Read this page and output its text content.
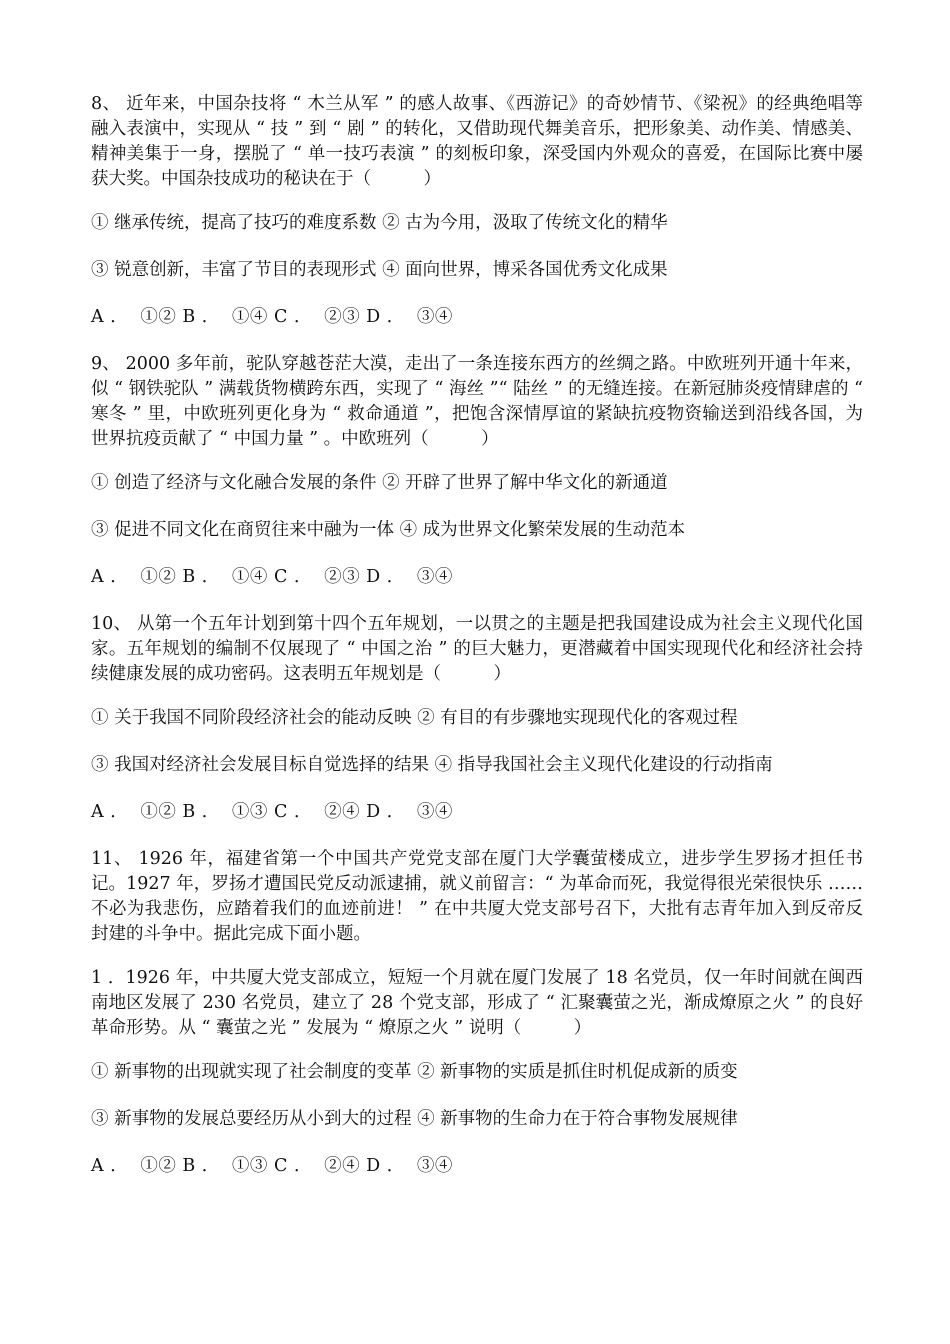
8、 近年来，中国杂技将 “ 木兰从军 ” 的感人故事、《西游记》的奇妙情节、《梁祝》的经典绝唱等融入表演中，实现从 “ 技 ” 到 “ 剧 ” 的转化，又借助现代舞美音乐，把形象美、动作美、情感美、精神美集于一身，摆脱了 “ 单一技巧表演 ” 的刻板印象，深受国内外观众的喜爱，在国际比赛中屡获大奖。中国杂技成功的秘诀在于（　　　）

① 继承传统，提高了技巧的难度系数 ② 古为今用，汲取了传统文化的精华

③ 锐意创新，丰富了节目的表现形式 ④ 面向世界，博采各国优秀文化成果

A ．  ①② B ．  ①④ C ．  ②③ D ．  ③④

9、 2000 多年前，驼队穿越苍茫大漠，走出了一条连接东西方的丝绸之路。中欧班列开通十年来，似 “ 钢铁驼队 ” 满载货物横跨东西，实现了 “ 海丝 ”“ 陆丝 ” 的无缝连接。在新冠肺炎疫情肆虐的 “ 寒冬 ” 里，中欧班列更化身为 “ 救命通道 ”，把饱含深情厚谊的紧缺抗疫物资输送到沿线各国，为世界抗疫贡献了 “ 中国力量 ” 。中欧班列（　　　）

① 创造了经济与文化融合发展的条件 ② 开辟了世界了解中华文化的新通道

③ 促进不同文化在商贸往来中融为一体 ④ 成为世界文化繁荣发展的生动范本

A ．  ①② B ．  ①④ C ．  ②③ D ．  ③④

10、 从第一个五年计划到第十四个五年规划，一以贯之的主题是把我国建设成为社会主义现代化国家。五年规划的编制不仅展现了 “ 中国之治 ” 的巨大魅力，更潜藏着中国实现现代化和经济社会持续健康发展的成功密码。这表明五年规划是（　　　）

① 关于我国不同阶段经济社会的能动反映 ② 有目的有步骤地实现现代化的客观过程

③ 我国对经济社会发展目标自觉选择的结果 ④ 指导我国社会主义现代化建设的行动指南

A ．  ①② B ．  ①③ C ．  ②④ D ．  ③④

11、 1926 年，福建省第一个中国共产党党支部在厦门大学囊萤楼成立，进步学生罗扬才担任书记。1927 年，罗扬才遭国民党反动派逮捕，就义前留言：“ 为革命而死，我觉得很光荣很快乐 …… 不必为我悲伤，应踏着我们的血迹前进！ ” 在中共厦大党支部号召下，大批有志青年加入到反帝反封建的斗争中。据此完成下面小题。

1 ．1926 年，中共厦大党支部成立，短短一个月就在厦门发展了 18 名党员，仅一年时间就在闽西南地区发展了 230 名党员，建立了 28 个党支部，形成了 “ 汇聚囊萤之光，渐成燎原之火 ” 的良好革命形势。从 “ 囊萤之光 ” 发展为 “ 燎原之火 ” 说明（　　　）

① 新事物的出现就实现了社会制度的变革 ② 新事物的实质是抓住时机促成新的质变

③ 新事物的发展总要经历从小到大的过程 ④ 新事物的生命力在于符合事物发展规律

A ．  ①② B ．  ①③ C ．  ②④ D ．  ③④
